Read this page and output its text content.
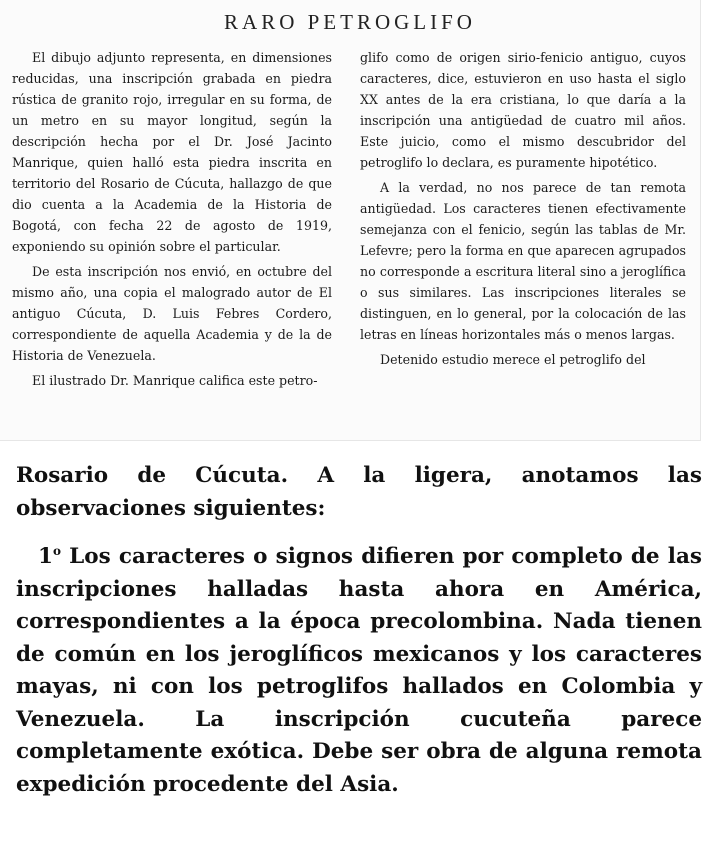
RARO PETROGLIFO

El dibujo adjunto representa, en dimensiones reducidas, una inscripción grabada en piedra rústica de granito rojo, irregular en su forma, de un metro en su mayor longitud, según la descripción hecha por el Dr. José Jacinto Manrique, quien halló esta piedra inscrita en territorio del Rosario de Cúcuta, hallazgo de que dio cuenta a la Academia de la Historia de Bogotá, con fecha 22 de agosto de 1919, exponiendo su opinión sobre el particular.

De esta inscripción nos envió, en octubre del mismo año, una copia el malogrado autor de El antiguo Cúcuta, D. Luis Febres Cordero, correspondiente de aquella Academia y de la de Historia de Venezuela.

El ilustrado Dr. Manrique califica este petro-

glifo como de origen sirio-fenicio antiguo, cuyos caracteres, dice, estuvieron en uso hasta el siglo XX antes de la era cristiana, lo que daría a la inscripción una antigüedad de cuatro mil años. Este juicio, como el mismo descubridor del petroglifo lo declara, es puramente hipotético.

A la verdad, no nos parece de tan remota antigüedad. Los caracteres tienen efectivamente semejanza con el fenicio, según las tablas de Mr. Lefevre; pero la forma en que aparecen agrupados no corresponde a escritura literal sino a jeroglífica o sus similares. Las inscripciones literales se distinguen, en lo general, por la colocación de las letras en líneas horizontales más o menos largas.

Detenido estudio merece el petroglifo del

Rosario de Cúcuta. A la ligera, anotamos las observaciones siguientes:

1$^o$ Los caracteres o signos difieren por completo de las inscripciones halladas hasta ahora en América, correspondientes a la época precolombina. Nada tienen de común en los jeroglíficos mexicanos y los caracteres mayas, ni con los petroglifos hallados en Colombia y Venezuela. La inscripción cucuteña parece completamente exótica. Debe ser obra de alguna remota expedición procedente del Asia.
